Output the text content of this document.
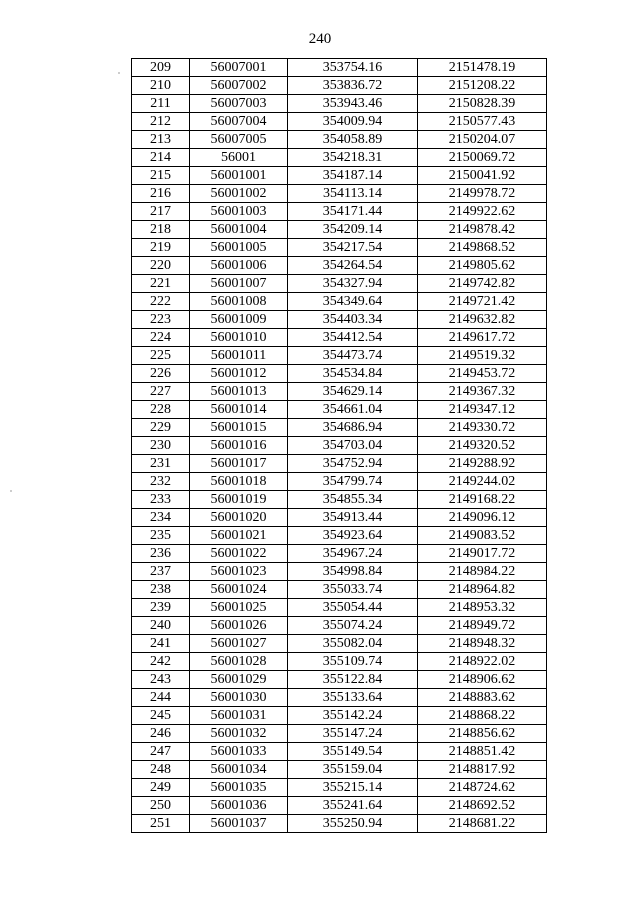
240
209	56007001	353754.16	2151478.19
210	56007002	353836.72	2151208.22
211	56007003	353943.46	2150828.39
212	56007004	354009.94	2150577.43
213	56007005	354058.89	2150204.07
214	56001	354218.31	2150069.72
215	56001001	354187.14	2150041.92
216	56001002	354113.14	2149978.72
217	56001003	354171.44	2149922.62
218	56001004	354209.14	2149878.42
219	56001005	354217.54	2149868.52
220	56001006	354264.54	2149805.62
221	56001007	354327.94	2149742.82
222	56001008	354349.64	2149721.42
223	56001009	354403.34	2149632.82
224	56001010	354412.54	2149617.72
225	56001011	354473.74	2149519.32
226	56001012	354534.84	2149453.72
227	56001013	354629.14	2149367.32
228	56001014	354661.04	2149347.12
229	56001015	354686.94	2149330.72
230	56001016	354703.04	2149320.52
231	56001017	354752.94	2149288.92
232	56001018	354799.74	2149244.02
233	56001019	354855.34	2149168.22
234	56001020	354913.44	2149096.12
235	56001021	354923.64	2149083.52
236	56001022	354967.24	2149017.72
237	56001023	354998.84	2148984.22
238	56001024	355033.74	2148964.82
239	56001025	355054.44	2148953.32
240	56001026	355074.24	2148949.72
241	56001027	355082.04	2148948.32
242	56001028	355109.74	2148922.02
243	56001029	355122.84	2148906.62
244	56001030	355133.64	2148883.62
245	56001031	355142.24	2148868.22
246	56001032	355147.24	2148856.62
247	56001033	355149.54	2148851.42
248	56001034	355159.04	2148817.92
249	56001035	355215.14	2148724.62
250	56001036	355241.64	2148692.52
251	56001037	355250.94	2148681.22
